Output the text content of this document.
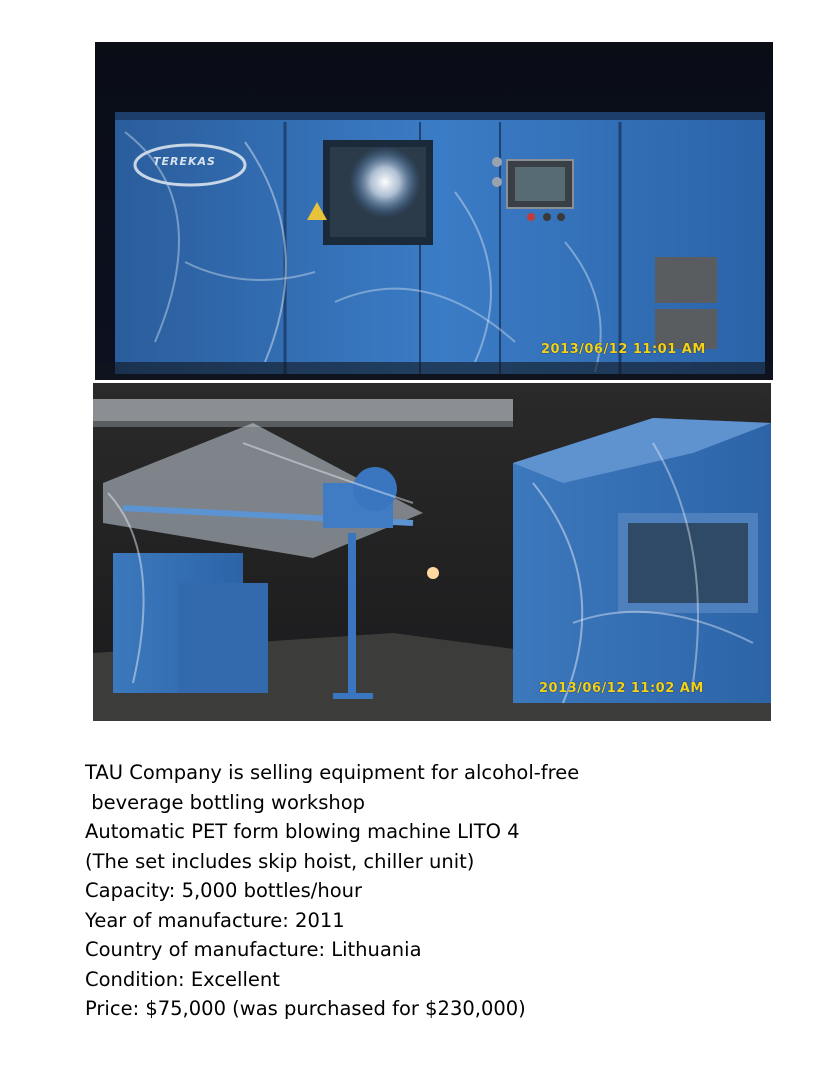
TEREKAS
2013/06/12 11:01 AM
2013/06/12 11:02 AM
TAU Company is selling equipment for alcohol-free
beverage bottling workshop
Automatic PET form blowing machine LITO 4
(The set includes skip hoist, chiller unit)
Capacity: 5,000 bottles/hour
Year of manufacture: 2011
Country of manufacture: Lithuania
Condition: Excellent
Price: $75,000 (was purchased for $230,000)
